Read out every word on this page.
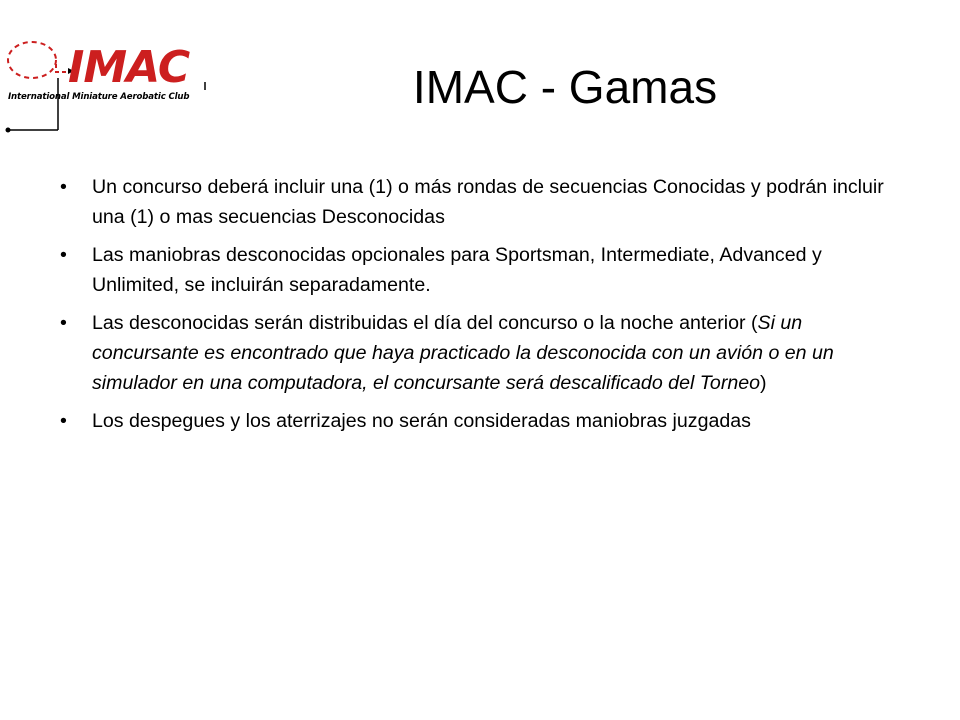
IMAC
International Miniature Aerobatic Club	IMAC - Gamas
• Un concurso deberá incluir una (1) o más rondas de secuencias Conocidas y podrán incluir una (1) o mas secuencias Desconocidas
• Las maniobras desconocidas opcionales para Sportsman, Intermediate, Advanced y Unlimited, se incluirán separadamente.
• Las desconocidas serán distribuidas el día del concurso o la noche anterior (Si un concursante es encontrado que haya practicado la desconocida con un avión o en un simulador en una computadora, el concursante será descalificado del Torneo)
• Los despegues y los aterrizajes no serán consideradas maniobras juzgadas
